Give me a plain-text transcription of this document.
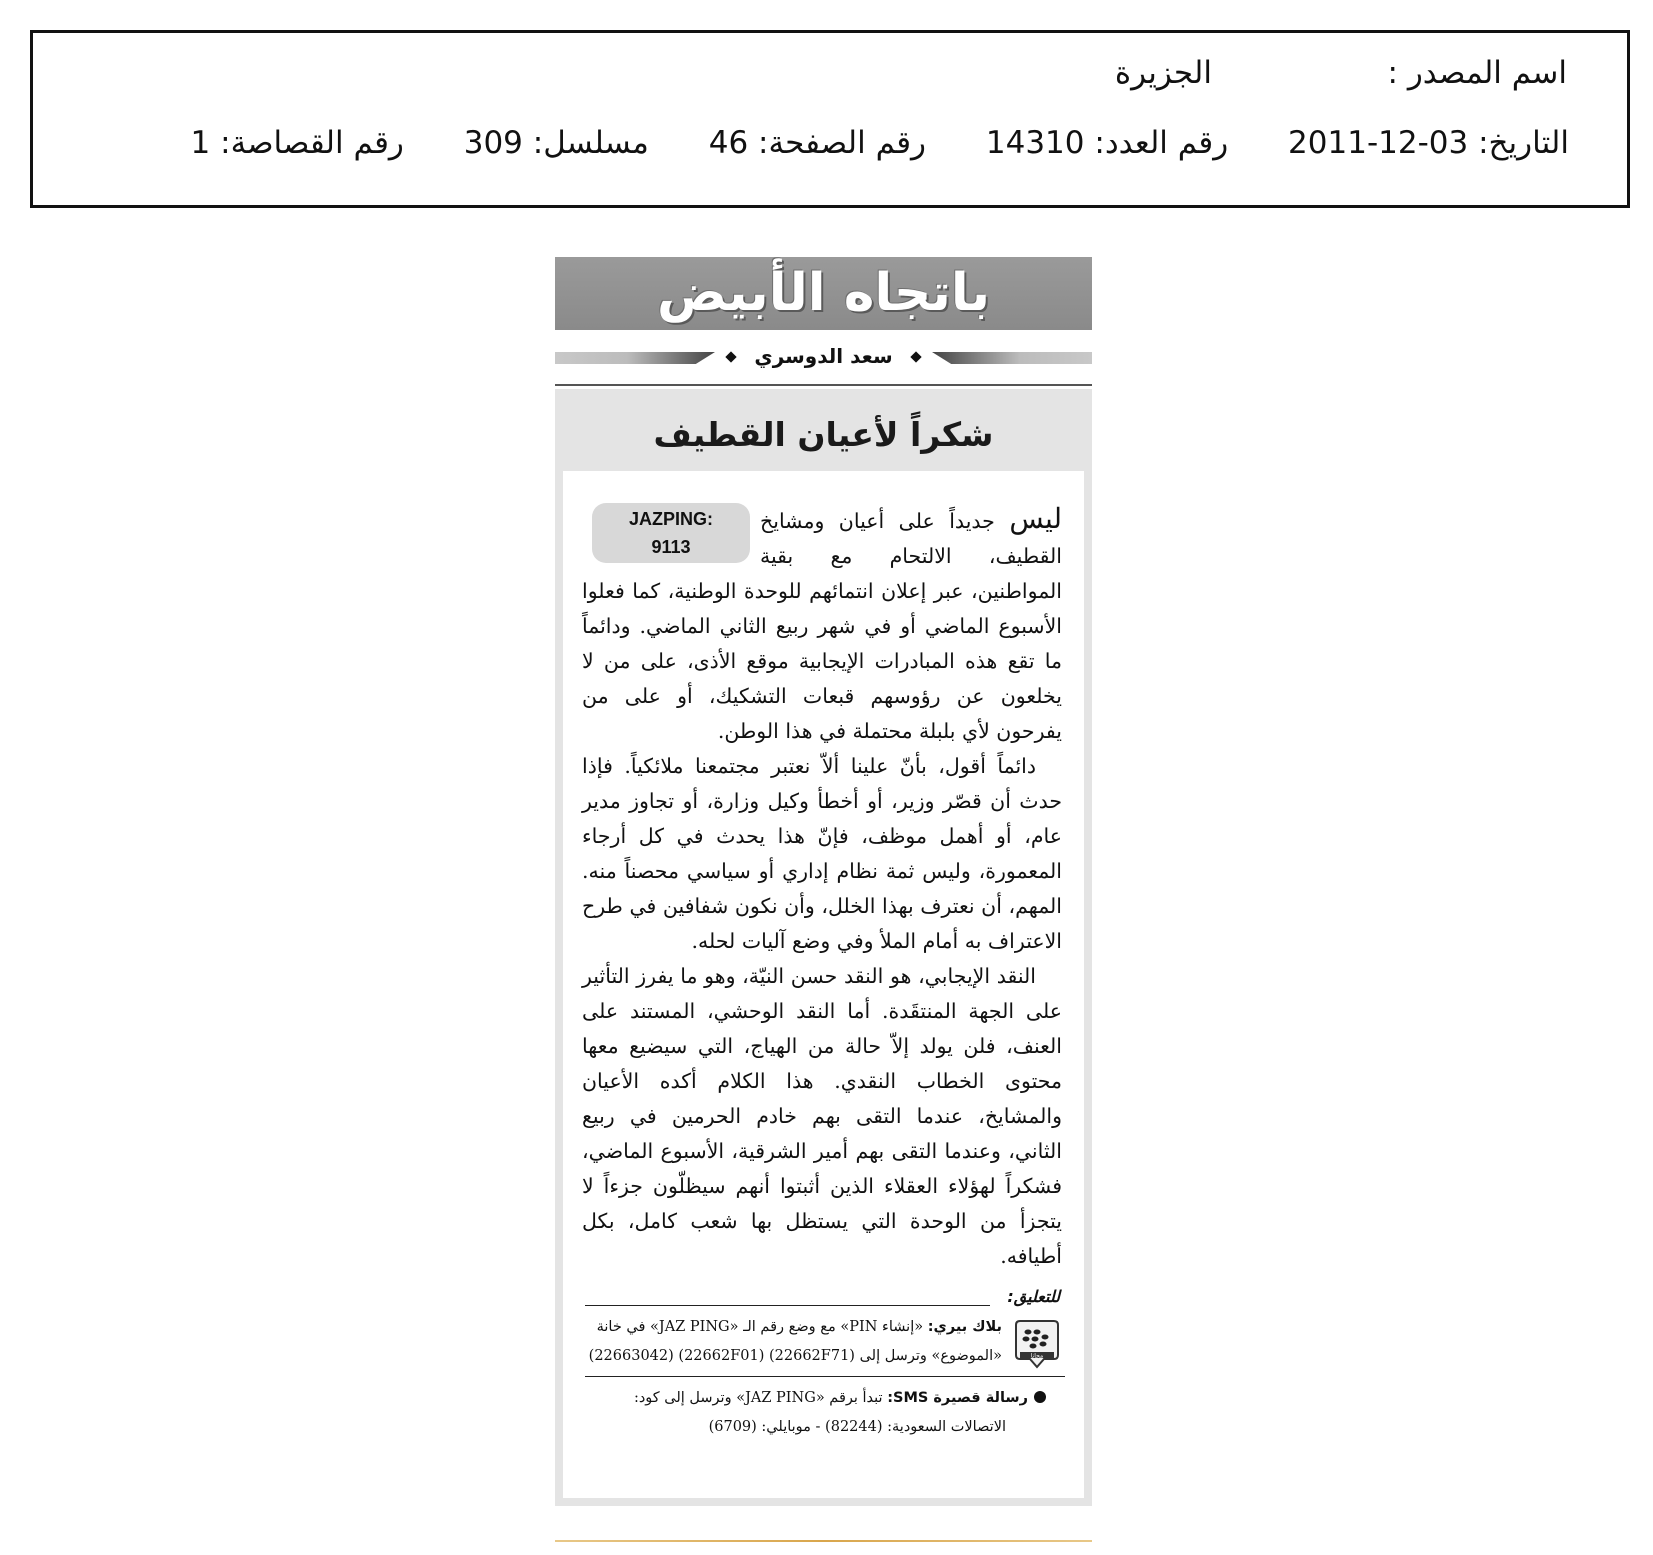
اسم المصدر :الجزيرة
التاريخ: 2011-12-03 رقم العدد: 14310 رقم الصفحة: 46 مسلسل: 309 رقم القصاصة: 1
باتجاه الأبيض
سعد الدوسري
شكراً لأعيان القطيف

JAZPING: 9113
ليس جديداً على أعيان ومشايخ القطيف، الالتحام مع بقية المواطنين، عبر إعلان انتمائهم للوحدة الوطنية، كما فعلوا الأسبوع الماضي أو في شهر ربيع الثاني الماضي. ودائماً ما تقع هذه المبادرات الإيجابية موقع الأذى، على من لا يخلعون عن رؤوسهم قبعات التشكيك، أو على من يفرحون لأي بلبلة محتملة في هذا الوطن.

دائماً أقول، بأنّ علينا ألاّ نعتبر مجتمعنا ملائكياً. فإذا حدث أن قصّر وزير، أو أخطأ وكيل وزارة، أو تجاوز مدير عام، أو أهمل موظف، فإنّ هذا يحدث في كل أرجاء المعمورة، وليس ثمة نظام إداري أو سياسي محصناً منه. المهم، أن نعترف بهذا الخلل، وأن نكون شفافين في طرح الاعتراف به أمام الملأ وفي وضع آليات لحله.

النقد الإيجابي، هو النقد حسن النيّة، وهو ما يفرز التأثير على الجهة المنتقَدة. أما النقد الوحشي، المستند على العنف، فلن يولد إلاّ حالة من الهياج، التي سيضيع معها محتوى الخطاب النقدي. هذا الكلام أكده الأعيان والمشايخ، عندما التقى بهم خادم الحرمين في ربيع الثاني، وعندما التقى بهم أمير الشرقية، الأسبوع الماضي، فشكراً لهؤلاء العقلاء الذين أثبتوا أنهم سيظلّون جزءاً لا يتجزأ من الوحدة التي يستظل بها شعب كامل، بكل أطيافه.

للتعليق:
مجانا
بلاك بيري: «إنشاء PIN» مع وضع رقم الـ «JAZ PING» في خانة
«الموضوع» وترسل إلى (22662F71) (22662F01) (22663042)
رسالة قصيرة SMS: تبدأ برقم «JAZ PING» وترسل إلى كود:
الاتصالات السعودية: (82244) - موبايلي: (6709)
